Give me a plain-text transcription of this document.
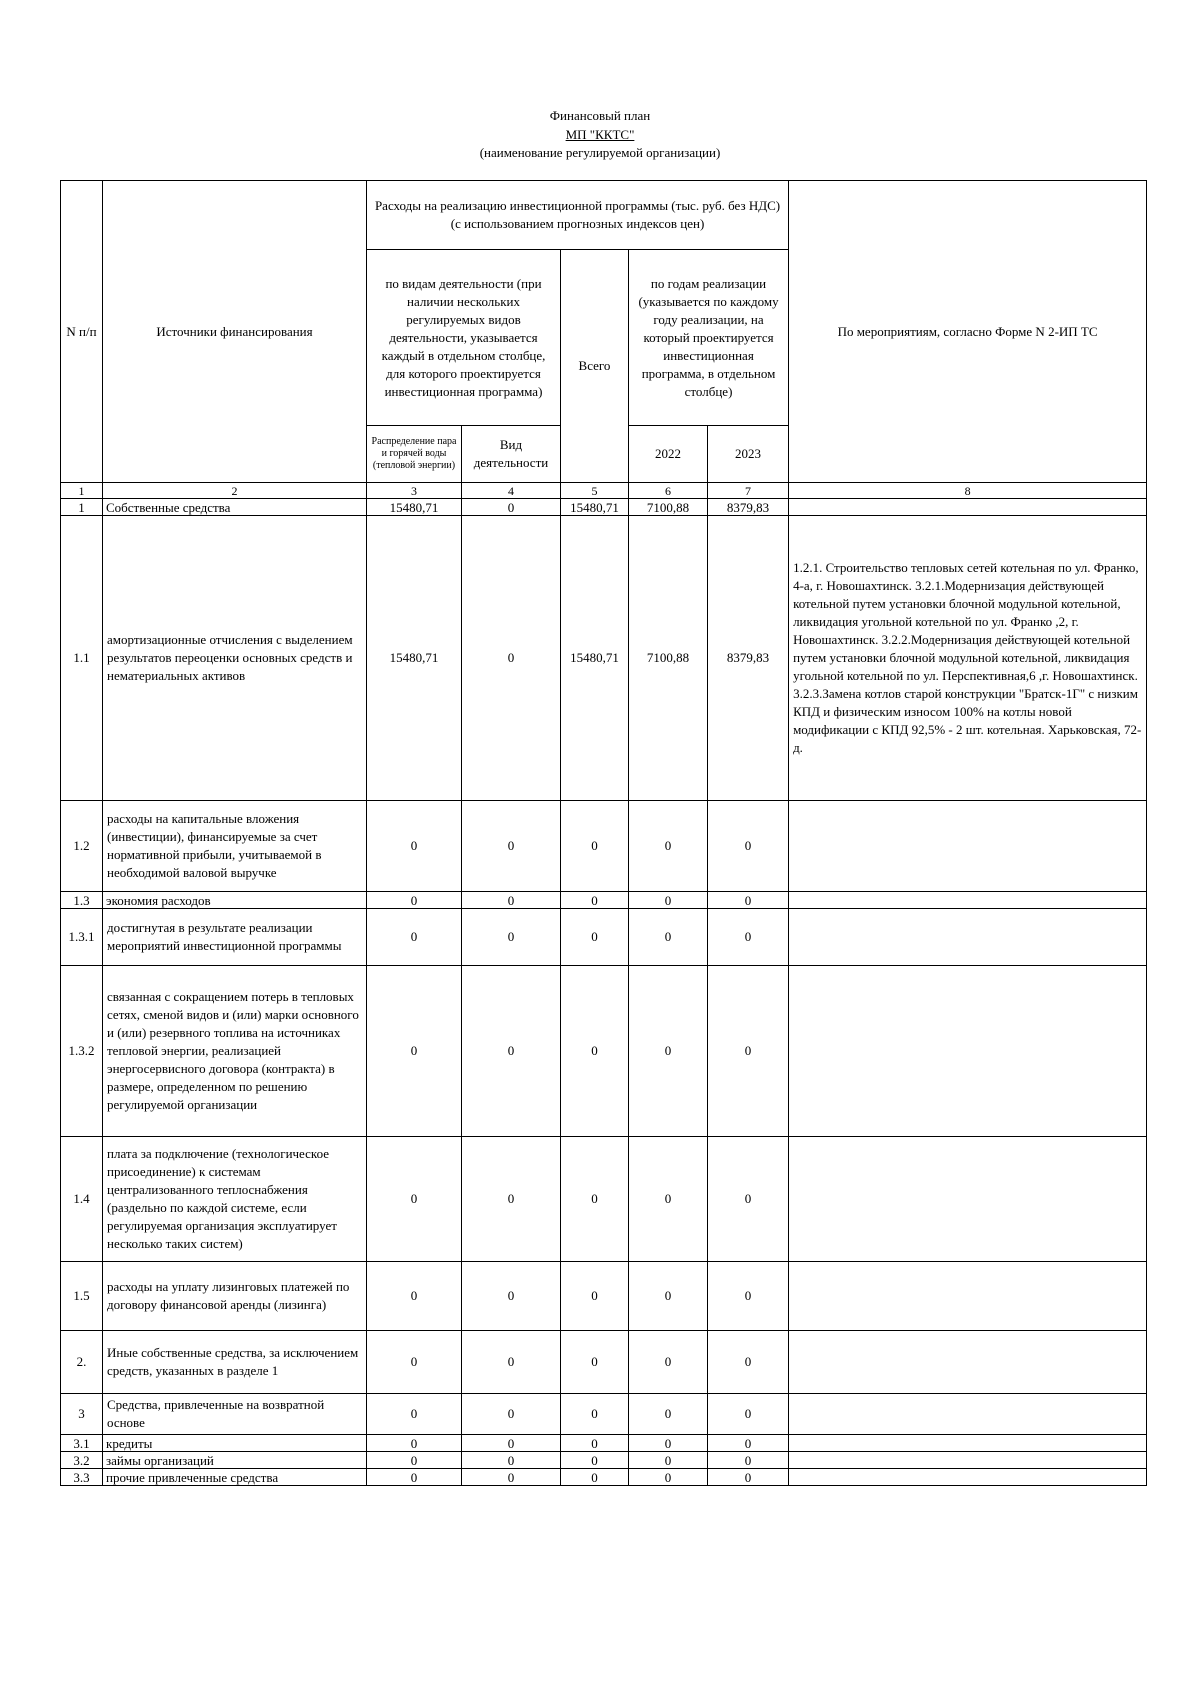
Финансовый план
МП "ККТС"
(наименование регулируемой организации)
N п/п	Источники финансирования	Расходы на реализацию инвестиционной программы (тыс. руб. без НДС) (с использованием прогнозных индексов цен)					По мероприятиям, согласно Форме N 2-ИП ТС
		по видам деятельности (при наличии нескольких регулируемых видов деятельности, указывается каждый в отдельном столбце, для которого проектируется инвестиционная программа)		Всего	по годам реализации (указывается по каждому году реализации, на который проектируется инвестиционная программа, в отдельном столбце)		
		Распределение пара и горячей воды (тепловой энергии)	Вид деятельности		2022	2023	
1	2	3	4	5	6	7	8
1	Собственные средства	15480,71	0	15480,71	7100,88	8379,83	
1.1	амортизационные отчисления с выделением результатов переоценки основных средств и нематериальных активов	15480,71	0	15480,71	7100,88	8379,83	1.2.1. Строительство тепловых сетей котельная по ул. Франко, 4-а, г. Новошахтинск. 3.2.1.Модернизация действующей котельной путем установки блочной модульной котельной, ликвидация угольной котельной по ул. Франко ,2, г. Новошахтинск. 3.2.2.Модернизация действующей котельной путем установки блочной модульной котельной, ликвидация угольной котельной по ул. Перспективная,6 ,г. Новошахтинск. 3.2.3.Замена котлов старой конструкции "Братск-1Г" с низким КПД и физическим износом 100% на котлы новой модификации с КПД 92,5% - 2 шт. котельная. Харьковская, 72-д.
1.2	расходы на капитальные вложения (инвестиции), финансируемые за счет нормативной прибыли, учитываемой в необходимой валовой выручке	0	0	0	0	0	
1.3	экономия расходов	0	0	0	0	0	
1.3.1	достигнутая в результате реализации мероприятий инвестиционной программы	0	0	0	0	0	
1.3.2	связанная с сокращением потерь в тепловых сетях, сменой видов и (или) марки основного и (или) резервного топлива на источниках тепловой энергии, реализацией энергосервисного договора (контракта) в размере, определенном по решению регулируемой организации	0	0	0	0	0	
1.4	плата за подключение (технологическое присоединение) к системам централизованного теплоснабжения (раздельно по каждой системе, если регулируемая организация эксплуатирует несколько таких систем)	0	0	0	0	0	
1.5	расходы на уплату лизинговых платежей по договору финансовой аренды (лизинга)	0	0	0	0	0	
2.	Иные собственные средства, за исключением средств, указанных в разделе 1	0	0	0	0	0	
3	Средства, привлеченные на возвратной основе	0	0	0	0	0	
3.1	кредиты	0	0	0	0	0	
3.2	займы организаций	0	0	0	0	0	
3.3	прочие привлеченные средства	0	0	0	0	0	
